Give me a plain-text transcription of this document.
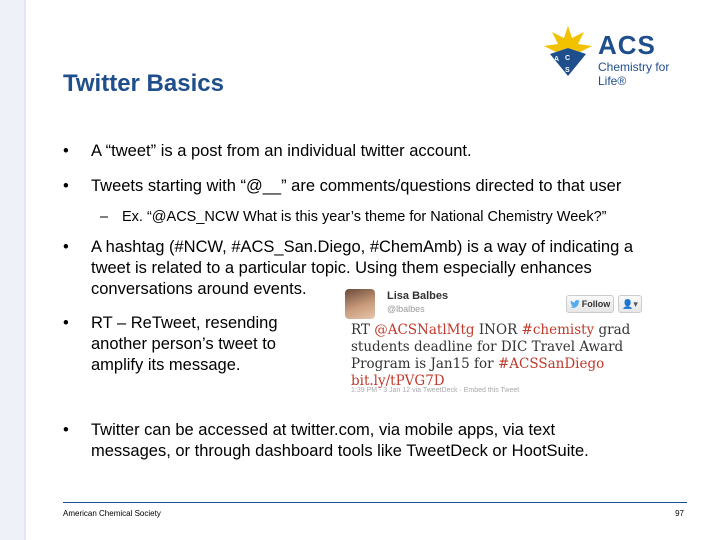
A C
S
ACS
Chemistry for Life®
Twitter Basics
• A “tweet” is a post from an individual twitter account.
• Tweets starting with “@__” are comments/questions directed to that user
– Ex. “@ACS_NCW What is this year’s theme for National Chemistry Week?”
• A hashtag (#NCW, #ACS_San.Diego, #ChemAmb) is a way of indicating a
tweet is related to a particular topic. Using them especially enhances
conversations around events.
• RT – ReTweet, resending
another person’s tweet to
amplify its message.
Lisa Balbes
@lbalbes	Follow	👤▾
RT @ACSNatlMtg INOR #chemisty grad students deadline for DIC Travel Award Program is Jan15 for #ACSSanDiego bit.ly/tPVG7D
1:39 PM - 3 Jan 12 via TweetDeck · Embed this Tweet
• Twitter can be accessed at twitter.com, via mobile apps, via text
messages, or through dashboard tools like TweetDeck or HootSuite.
American Chemical Society	97
